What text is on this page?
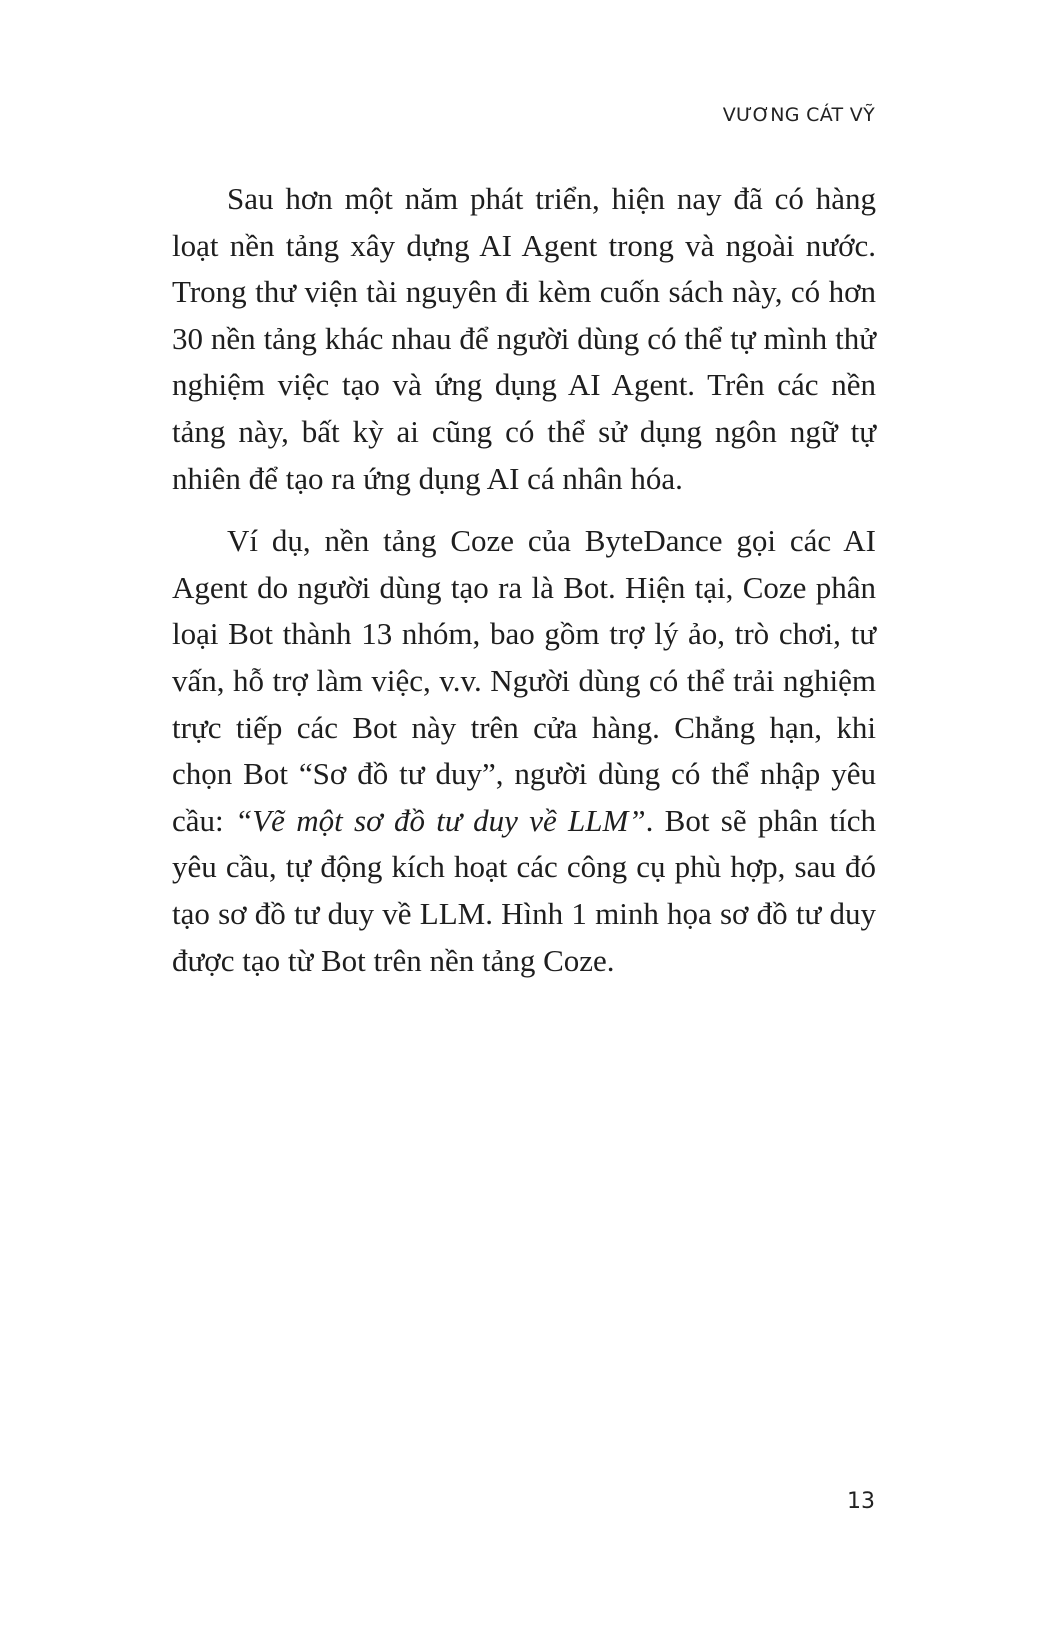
VƯƠNG CÁT VỸ

Sau hơn một năm phát triển, hiện nay đã có hàng loạt nền tảng xây dựng AI Agent trong và ngoài nước. Trong thư viện tài nguyên đi kèm cuốn sách này, có hơn 30 nền tảng khác nhau để người dùng có thể tự mình thử nghiệm việc tạo và ứng dụng AI Agent. Trên các nền tảng này, bất kỳ ai cũng có thể sử dụng ngôn ngữ tự nhiên để tạo ra ứng dụng AI cá nhân hóa.

Ví dụ, nền tảng Coze của ByteDance gọi các AI Agent do người dùng tạo ra là Bot. Hiện tại, Coze phân loại Bot thành 13 nhóm, bao gồm trợ lý ảo, trò chơi, tư vấn, hỗ trợ làm việc, v.v. Người dùng có thể trải nghiệm trực tiếp các Bot này trên cửa hàng. Chẳng hạn, khi chọn Bot “Sơ đồ tư duy”, người dùng có thể nhập yêu cầu: “Vẽ một sơ đồ tư duy về LLM”. Bot sẽ phân tích yêu cầu, tự động kích hoạt các công cụ phù hợp, sau đó tạo sơ đồ tư duy về LLM. Hình 1 minh họa sơ đồ tư duy được tạo từ Bot trên nền tảng Coze.

13
